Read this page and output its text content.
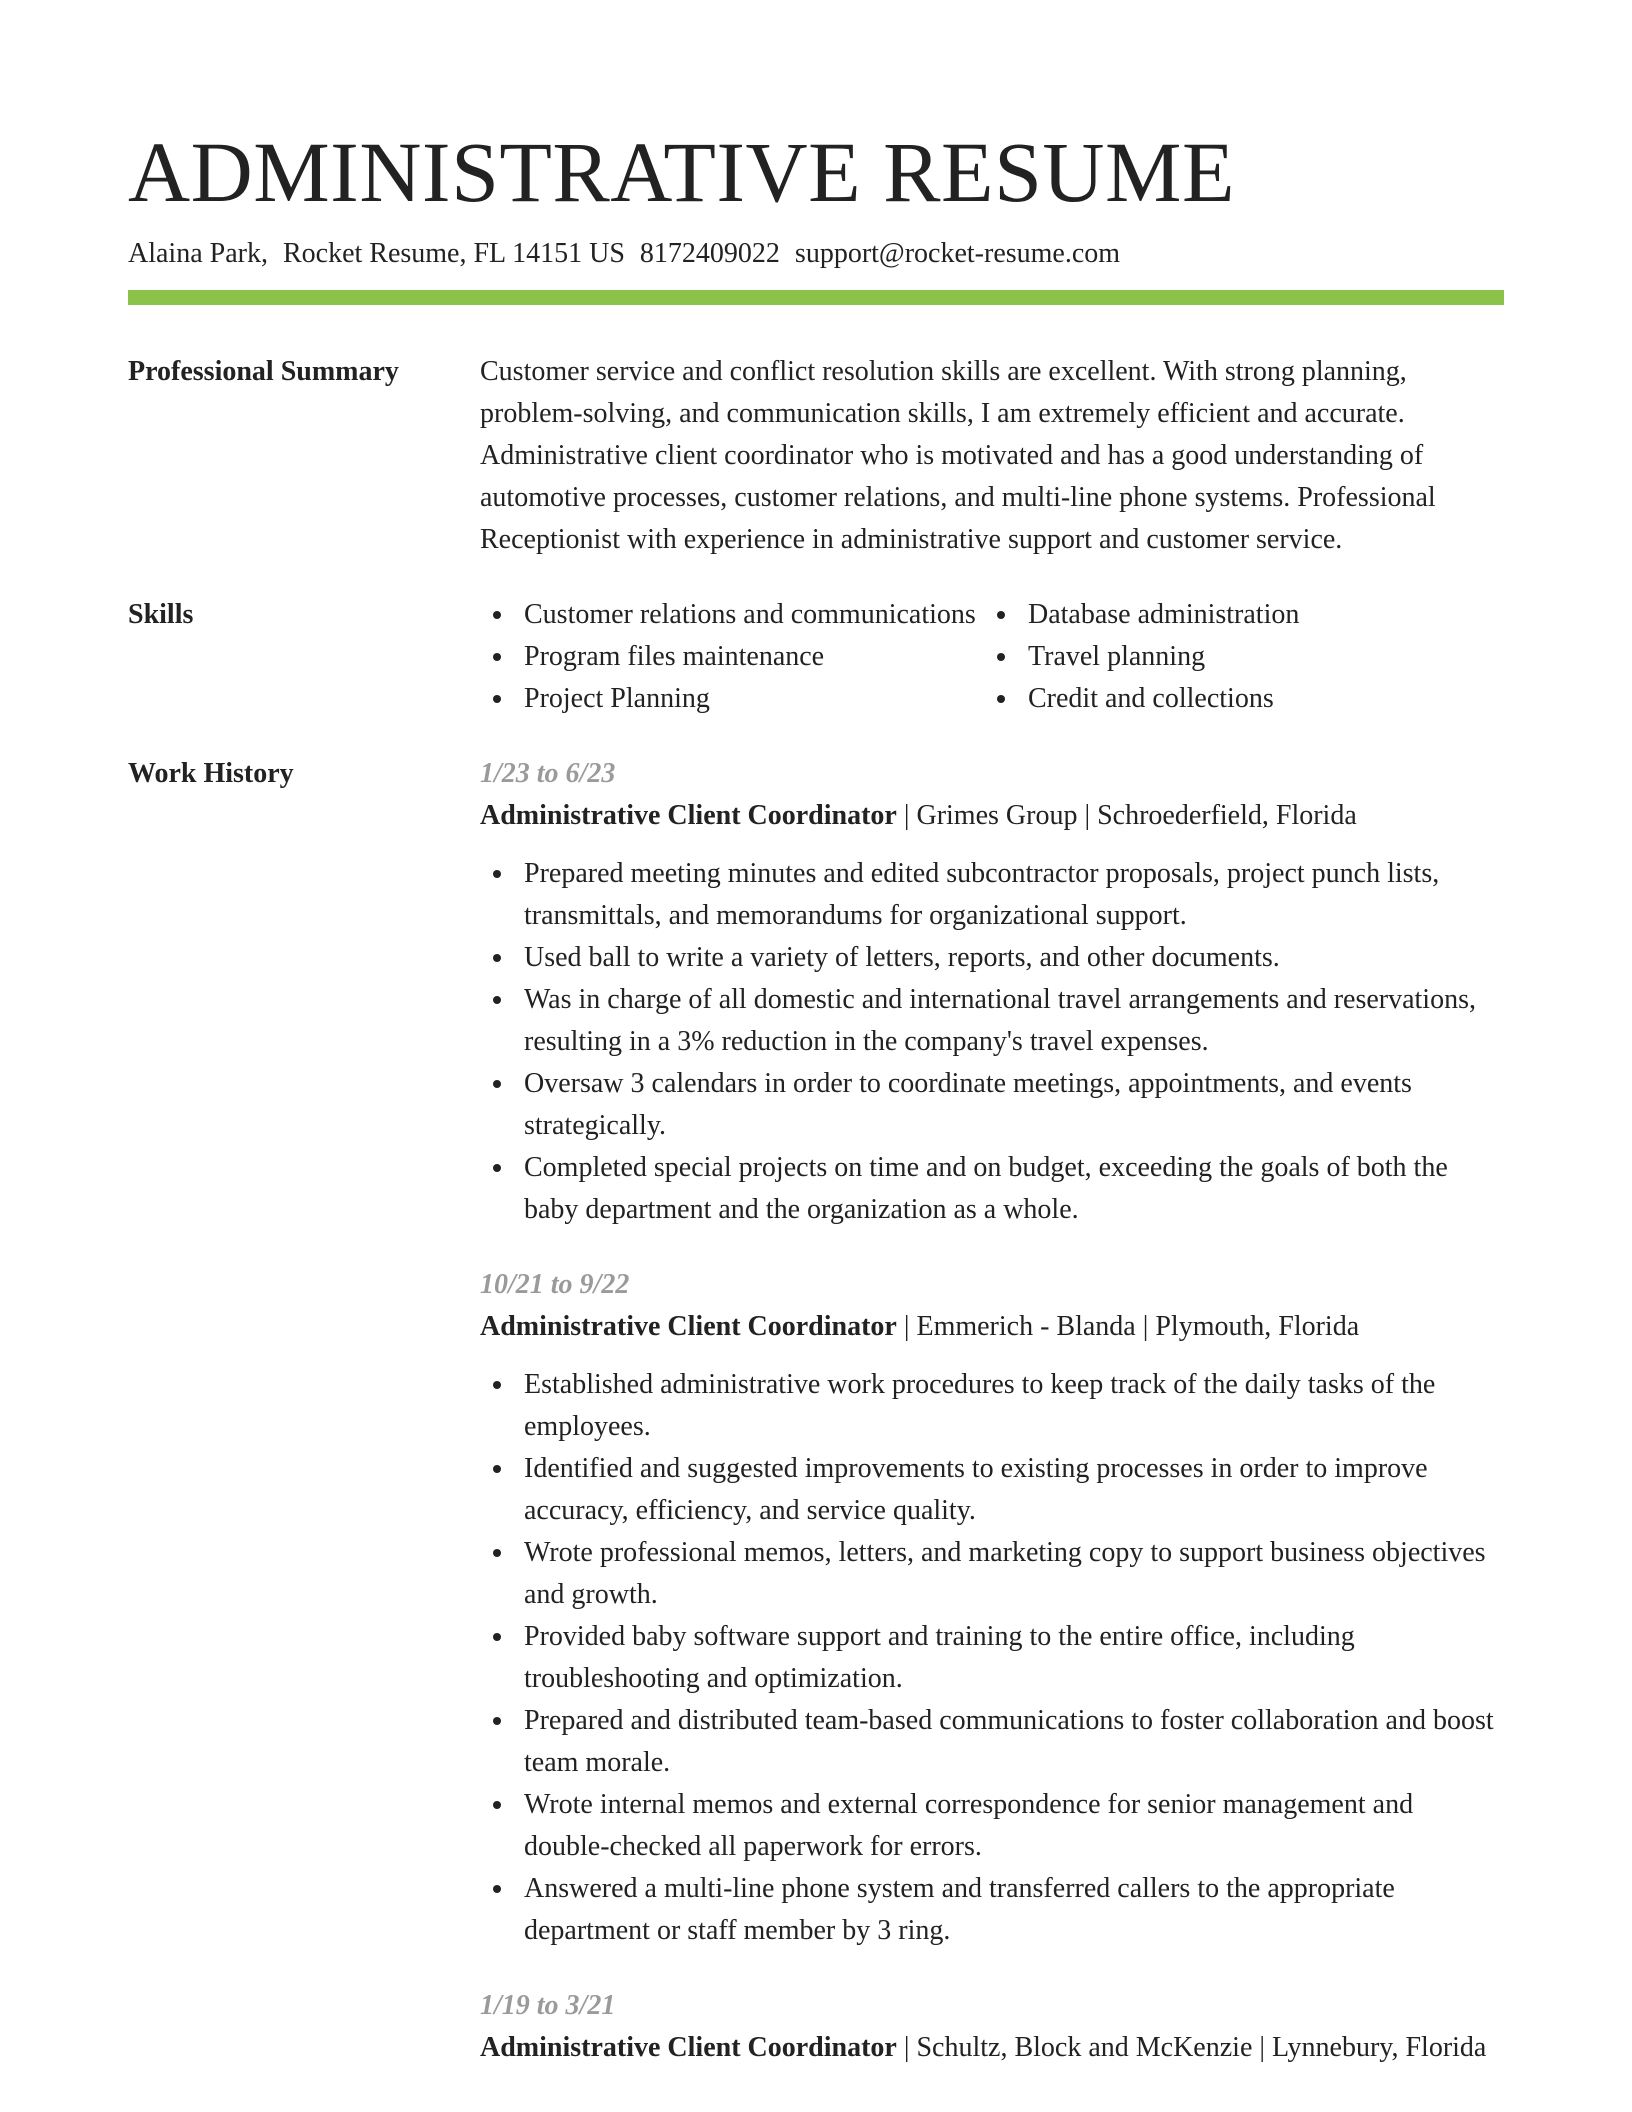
ADMINISTRATIVE RESUME
Alaina Park, Rocket Resume, FL 14151 US 8172409022 support@rocket-resume.com
Professional Summary	Customer service and conflict resolution skills are excellent. With strong planning, problem-solving, and communication skills, I am extremely efficient and accurate. Administrative client coordinator who is motivated and has a good understanding of automotive processes, customer relations, and multi-line phone systems. Professional Receptionist with experience in administrative support and customer service.

Skills	Customer relations and communications	Database administration
Program files maintenance	Travel planning
Project Planning	Credit and collections
Work History	1/23 to 6/23
Administrative Client Coordinator | Grimes Group | Schroederfield, Florida
Prepared meeting minutes and edited subcontractor proposals, project punch lists, transmittals, and memorandums for organizational support.
Used ball to write a variety of letters, reports, and other documents.
Was in charge of all domestic and international travel arrangements and reservations, resulting in a 3% reduction in the company's travel expenses.
Oversaw 3 calendars in order to coordinate meetings, appointments, and events strategically.
Completed special projects on time and on budget, exceeding the goals of both the baby department and the organization as a whole.
10/21 to 9/22
Administrative Client Coordinator | Emmerich - Blanda | Plymouth, Florida
Established administrative work procedures to keep track of the daily tasks of the employees.
Identified and suggested improvements to existing processes in order to improve accuracy, efficiency, and service quality.
Wrote professional memos, letters, and marketing copy to support business objectives and growth.
Provided baby software support and training to the entire office, including troubleshooting and optimization.
Prepared and distributed team-based communications to foster collaboration and boost team morale.
Wrote internal memos and external correspondence for senior management and double-checked all paperwork for errors.
Answered a multi-line phone system and transferred callers to the appropriate department or staff member by 3 ring.
1/19 to 3/21
Administrative Client Coordinator | Schultz, Block and McKenzie | Lynnebury, Florida
